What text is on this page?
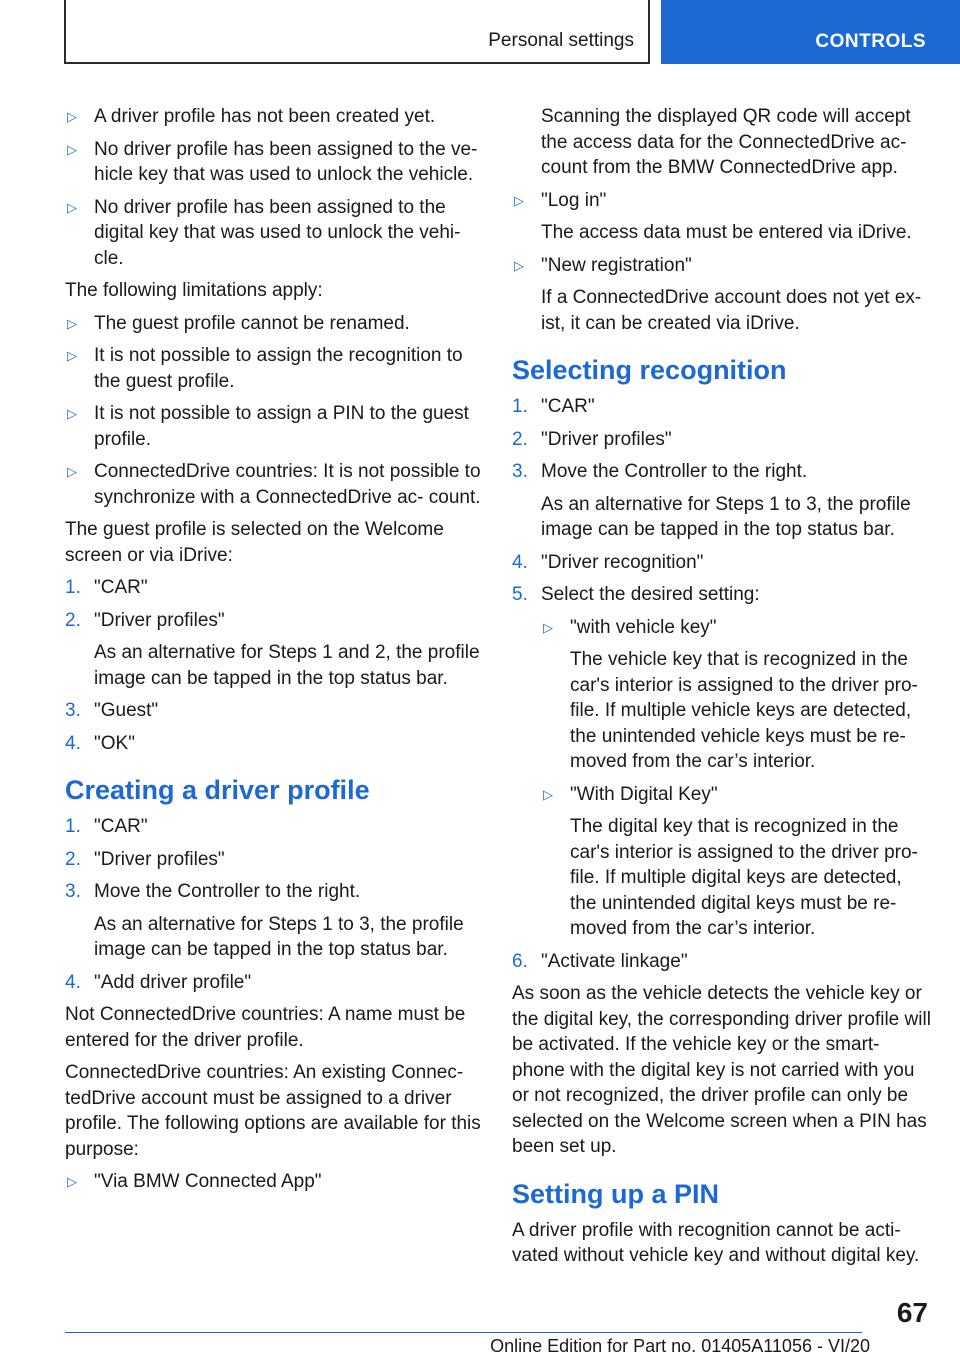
Personal settings	CONTROLS
▷ A driver profile has not been created yet.
▷ No driver profile has been assigned to the ve‐ hicle key that was used to unlock the vehicle.
▷ No driver profile has been assigned to the digital key that was used to unlock the vehi‐ cle.

The following limitations apply:

▷ The guest profile cannot be renamed.
▷ It is not possible to assign the recognition to the guest profile.
▷ It is not possible to assign a PIN to the guest profile.
▷ ConnectedDrive countries: It is not possible to synchronize with a ConnectedDrive ac‐ count.

The guest profile is selected on the Welcome screen or via iDrive:

1. "CAR"
2. "Driver profiles"

As an alternative for Steps 1 and 2, the profile image can be tapped in the top status bar.

3. "Guest"
4. "OK"
Creating a driver profile
1. "CAR"
2. "Driver profiles"
3. Move the Controller to the right.

As an alternative for Steps 1 to 3, the profile image can be tapped in the top status bar.

4. "Add driver profile"

Not ConnectedDrive countries: A name must be entered for the driver profile.

ConnectedDrive countries: An existing Connec‐ tedDrive account must be assigned to a driver profile. The following options are available for this purpose:

▷ "Via BMW Connected App"

Scanning the displayed QR code will accept the access data for the ConnectedDrive ac‐ count from the BMW ConnectedDrive app.

▷ "Log in"

The access data must be entered via iDrive.

▷ "New registration"

If a ConnectedDrive account does not yet ex‐ ist, it can be created via iDrive.

Selecting recognition
1. "CAR"
2. "Driver profiles"
3. Move the Controller to the right.

As an alternative for Steps 1 to 3, the profile image can be tapped in the top status bar.

4. "Driver recognition"
5. Select the desired setting:
▷ "with vehicle key"
The vehicle key that is recognized in the car's interior is assigned to the driver pro‐ file. If multiple vehicle keys are detected, the unintended vehicle keys must be re‐ moved from the car’s interior.
▷ "With Digital Key"
The digital key that is recognized in the car's interior is assigned to the driver pro‐ file. If multiple digital keys are detected, the unintended digital keys must be re‐ moved from the car’s interior.
6. "Activate linkage"

As soon as the vehicle detects the vehicle key or the digital key, the corresponding driver profile will be activated. If the vehicle key or the smart‐ phone with the digital key is not carried with you or not recognized, the driver profile can only be selected on the Welcome screen when a PIN has been set up.

Setting up a PIN

A driver profile with recognition cannot be acti‐ vated without vehicle key and without digital key.

67
Online Edition for Part no. 01405A11056 - VI/20
